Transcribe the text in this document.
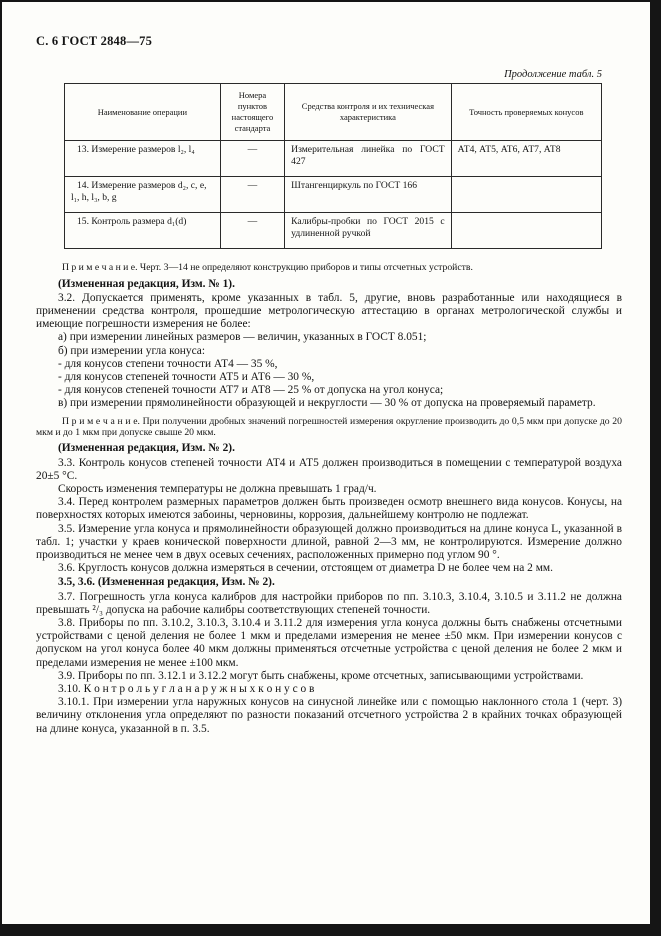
С. 6 ГОСТ 2848—75
Продолжение табл. 5
Наименование операции	Номера пунктов настоящего стандарта	Средства контроля и их техническая характеристика	Точность проверяемых конусов
13. Измерение размеров l₂, l₄	—	Измерительная линейка по ГОСТ 427	АТ4, АТ5, АТ6, АТ7, АТ8
14. Измерение размеров d₂, c, e, l₁, h, l₃, b, g	—	Штангенциркуль по ГОСТ 166	
15. Контроль размера d₁(d)	—	Калибры-пробки по ГОСТ 2015 с удлиненной ручкой	

П р и м е ч а н и е. Черт. 3—14 не определяют конструкцию приборов и типы отсчетных устройств.

(Измененная редакция, Изм. № 1).

3.2. Допускается применять, кроме указанных в табл. 5, другие, вновь разработанные или находящиеся в применении средства контроля, прошедшие метрологическую аттестацию в органах метрологической службы и имеющие погрешности измерения не более:

а) при измерении линейных размеров — величин, указанных в ГОСТ 8.051;

б) при измерении угла конуса:

- для конусов степени точности АТ4 — 35 %,

- для конусов степеней точности АТ5 и АТ6 — 30 %,

- для конусов степеней точности АТ7 и АТ8 — 25 % от допуска на угол конуса;

в) при измерении прямолинейности образующей и некруглости — 30 % от допуска на проверяемый параметр.

П р и м е ч а н и е. При получении дробных значений погрешностей измерения округление производить до 0,5 мкм при допуске до 20 мкм и до 1 мкм при допуске свыше 20 мкм.

(Измененная редакция, Изм. № 2).

3.3. Контроль конусов степеней точности АТ4 и АТ5 должен производиться в помещении с температурой воздуха 20±5 °С.

Скорость изменения температуры не должна превышать 1 град/ч.

3.4. Перед контролем размерных параметров должен быть произведен осмотр внешнего вида конусов. Конусы, на поверхностях которых имеются забоины, черновины, коррозия, дальнейшему контролю не подлежат.

3.5. Измерение угла конуса и прямолинейности образующей должно производиться на длине конуса L, указанной в табл. 1; участки у краев конической поверхности длиной, равной 2—3 мм, не контролируются. Измерение должно производиться не менее чем в двух осевых сечениях, расположенных примерно под углом 90 °.

3.6. Круглость конусов должна измеряться в сечении, отстоящем от диаметра D не более чем на 2 мм.

3.5, 3.6. (Измененная редакция, Изм. № 2).

3.7. Погрешность угла конуса калибров для настройки приборов по пп. 3.10.3, 3.10.4, 3.10.5 и 3.11.2 не должна превышать ²/₃ допуска на рабочие калибры соответствующих степеней точности.

3.8. Приборы по пп. 3.10.2, 3.10.3, 3.10.4 и 3.11.2 для измерения угла конуса должны быть снабжены отсчетными устройствами с ценой деления не более 1 мкм и пределами измерения не менее ±50 мкм. При измерении конусов с допуском на угол конуса более 40 мкм должны применяться отсчетные устройства с ценой деления не более 2 мкм и пределами измерения не менее ±100 мкм.

3.9. Приборы по пп. 3.12.1 и 3.12.2 могут быть снабжены, кроме отсчетных, записывающими устройствами.

3.10. К о н т р о л ь у г л а н а р у ж н ы х к о н у с о в

3.10.1. При измерении угла наружных конусов на синусной линейке или с помощью наклонного стола 1 (черт. 3) величину отклонения угла определяют по разности показаний отсчетного устройства 2 в крайних точках образующей на длине конуса, указанной в п. 3.5.
